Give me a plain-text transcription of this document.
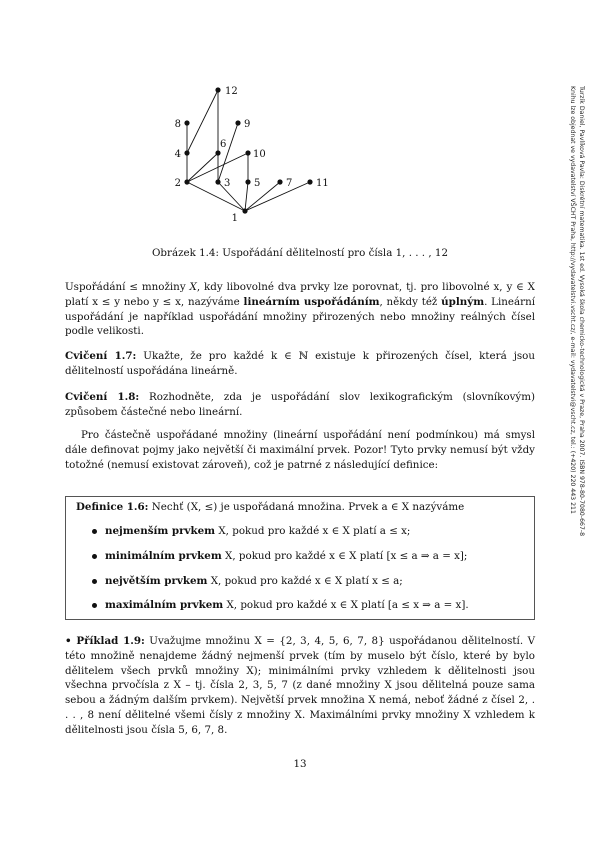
1
2	3
4
5
6
7
8	9
10
11
12
Obrázek 1.4: Uspořádání dělitelností pro čísla 1, . . . , 12
Uspořádání ≤ množiny X, kdy libovolné dva prvky lze porovnat, tj. pro libovolné x, y ∈ X platí x ≤ y nebo y ≤ x, nazýváme lineárním uspořádáním, někdy též úplným. Lineární uspořádání je například uspořádání množiny přirozených nebo množiny reálných čísel podle velikosti.
Cvičení 1.7: Ukažte, že pro každé k ∈ ℕ existuje k přirozených čísel, která jsou dělitelností uspořádána lineárně.
Cvičení 1.8: Rozhodněte, zda je uspořádání slov lexikografickým (slovníkovým) způsobem částečné nebo lineární.
Pro částečně uspořádané množiny (lineární uspořádání není podmínkou) má smysl dále definovat pojmy jako největší či maximální prvek. Pozor! Tyto prvky nemusí být vždy totožné (nemusí existovat zároveň), což je patrné z následující definice:
Definice 1.6: Nechť (X, ≤) je uspořádaná množina. Prvek a ∈ X nazýváme
nejmenším prvkem X, pokud pro každé x ∈ X platí a ≤ x;
minimálním prvkem X, pokud pro každé x ∈ X platí [x ≤ a ⇒ a = x];
největším prvkem X, pokud pro každé x ∈ X platí x ≤ a;
maximálním prvkem X, pokud pro každé x ∈ X platí [a ≤ x ⇒ a = x].
• Příklad 1.9: Uvažujme množinu X = {2, 3, 4, 5, 6, 7, 8} uspořádanou dělitelností. V této množině nenajdeme žádný nejmenší prvek (tím by muselo být číslo, které by bylo dělitelem všech prvků množiny X); minimálními prvky vzhledem k dělitelnosti jsou všechna prvočísla z X – tj. čísla 2, 3, 5, 7 (z dané množiny X jsou dělitelná pouze sama sebou a žádným dalším prvkem). Největší prvek množina X nemá, neboť žádné z čísel 2, . . . , 8 není dělitelné všemi čísly z množiny X. Maximálními prvky množiny X vzhledem k dělitelnosti jsou čísla 5, 6, 7, 8.
13
Turzík Daniel, Pavlíková Pavla: Diskrétní matematika. 1st ed. Vysoká škola chemicko-technologická v Praze, Praha 2007. ISBN 978-80-7080-667-8
Knihu lze objednat ve vydavatelství VŠCHT Praha, http://vydavatelstvi.vscht.cz/, e-mail: vydavatelstvi@vscht.cz, tel.: (+420) 220 443 211
